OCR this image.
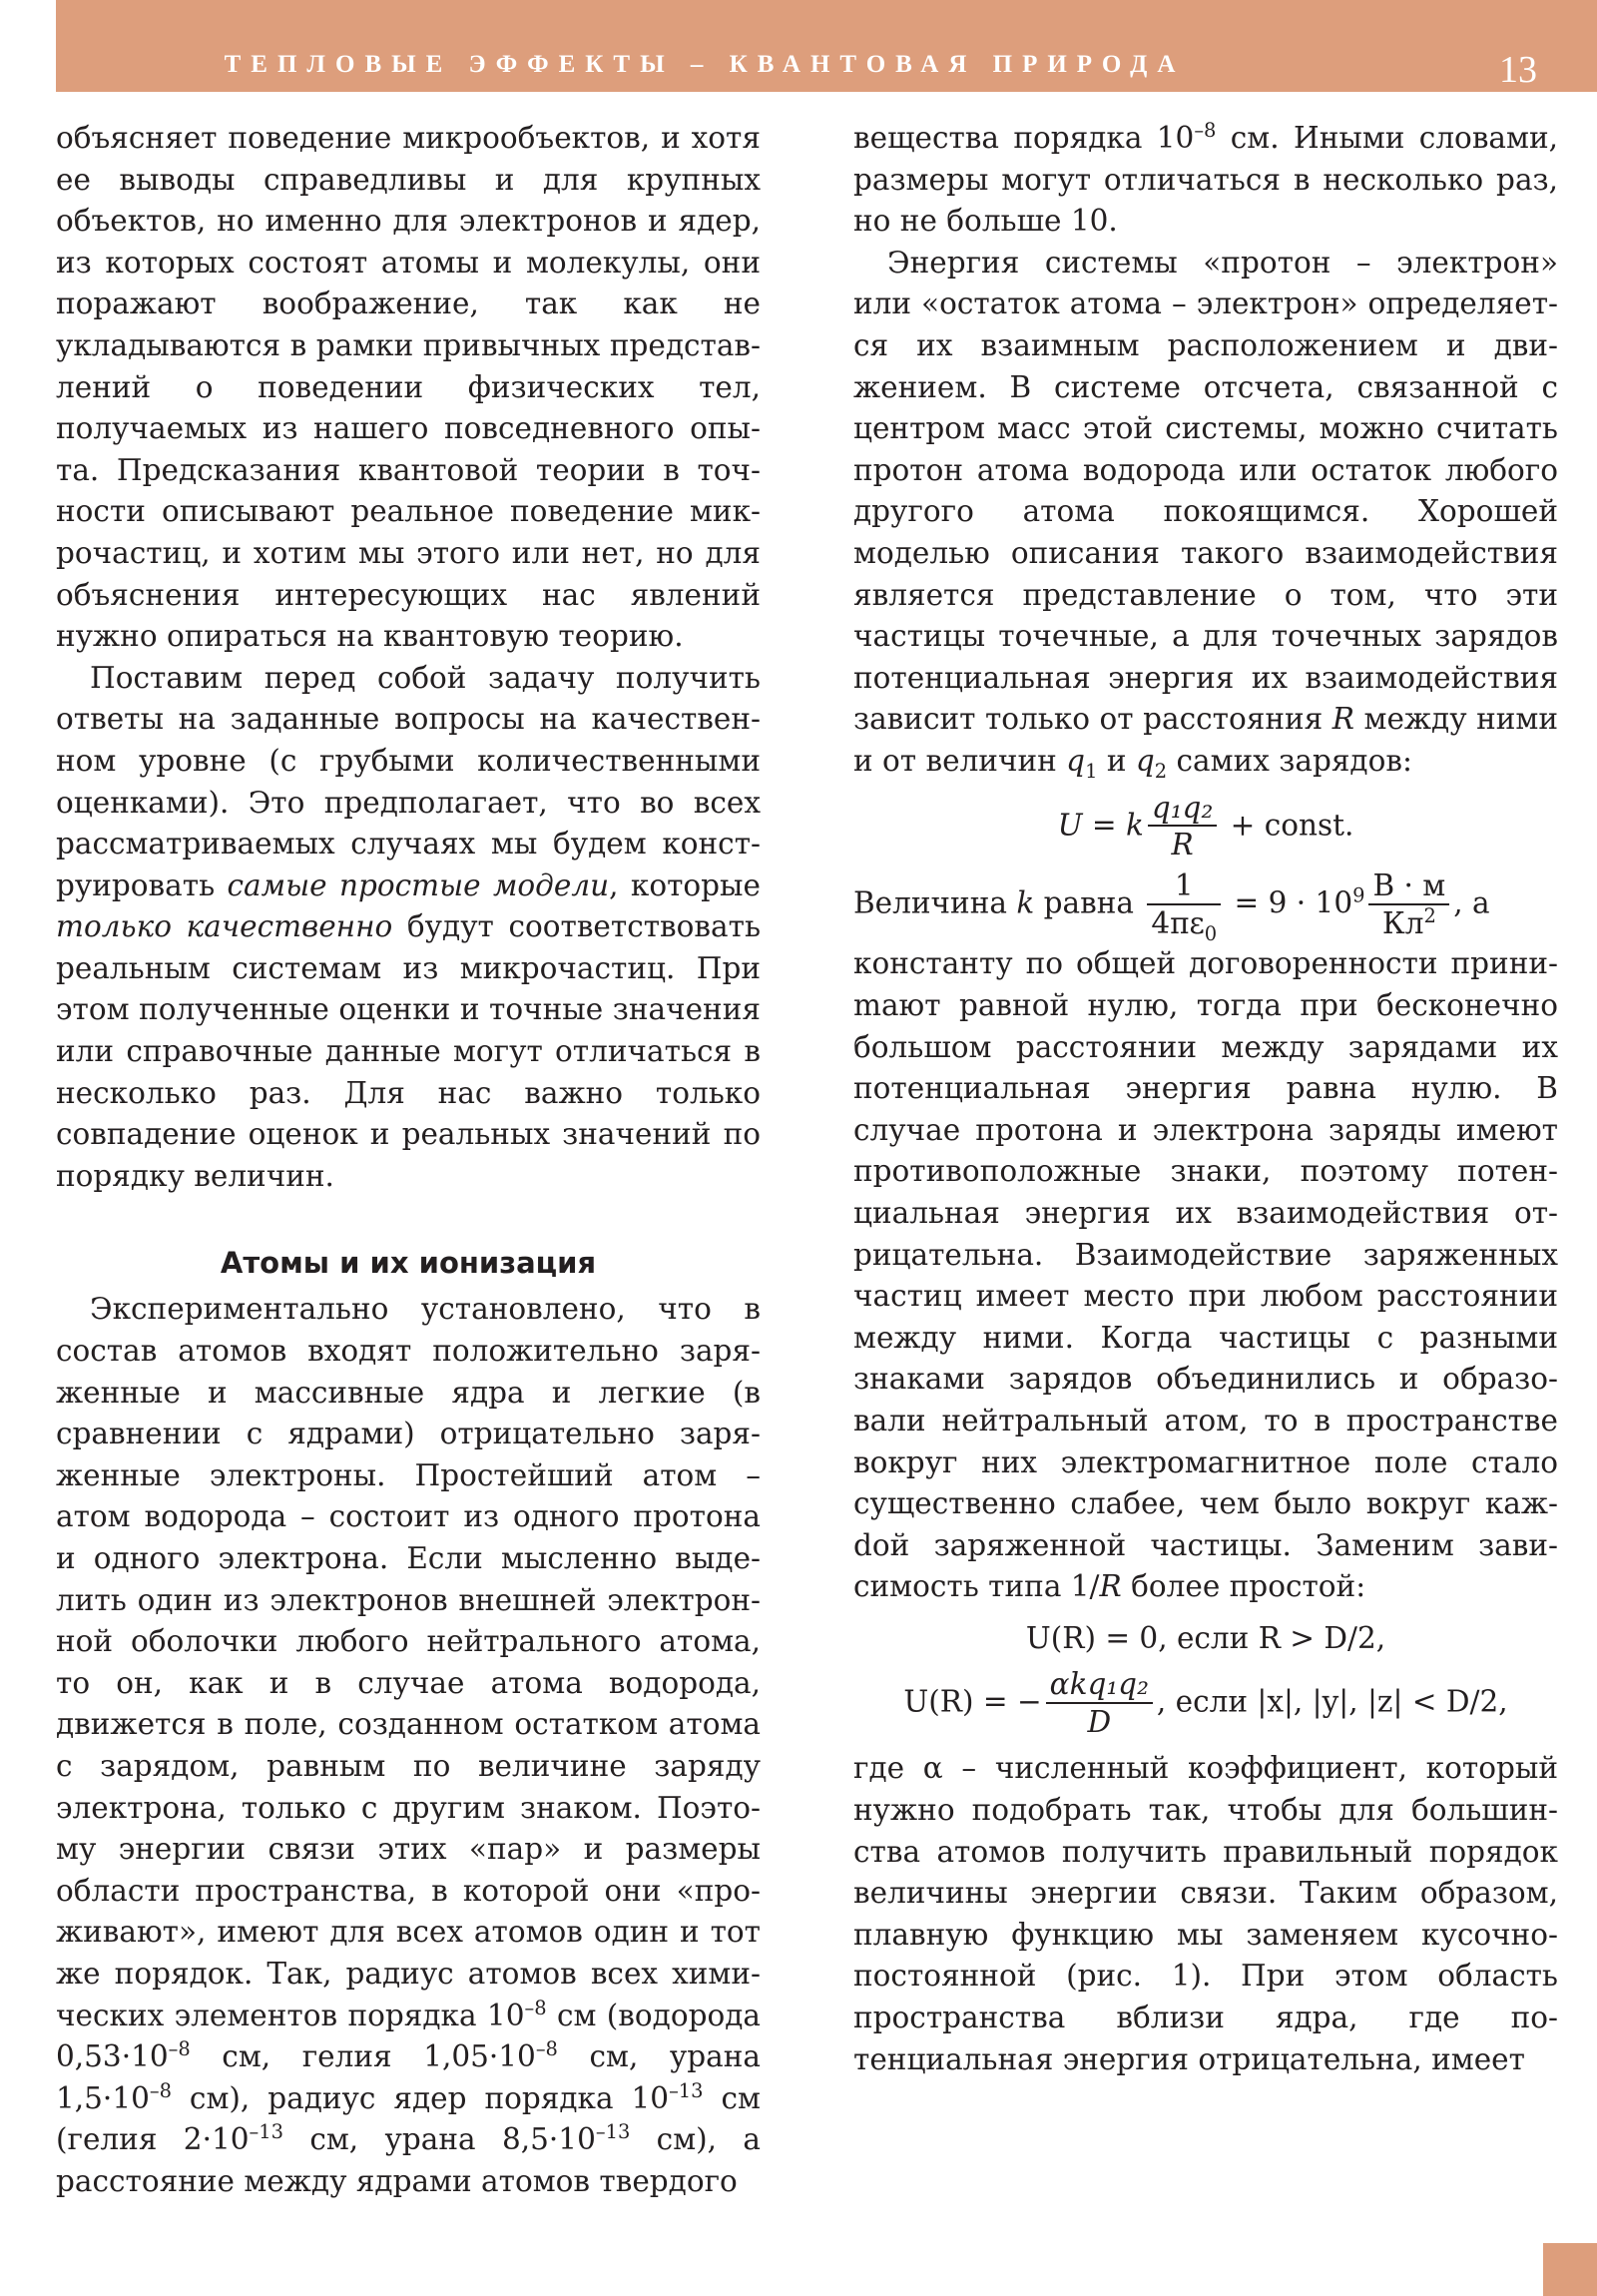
ТЕПЛОВЫЕ ЭФФЕКТЫ – КВАНТОВАЯ ПРИРОДА	13

объясняет поведение микрообъектов, и хотя ее выводы справедливы и для крупных объектов, но именно для электронов и ядер, из которых состоят атомы и молекулы, они поражают воображение, так как не укладываются в рамки привычных представлений о поведении физических тел, получаемых из нашего повседневного опыта. Предсказания квантовой теории в точности описывают реальное поведение микрочастиц, и хотим мы этого или нет, но для объяснения интересующих нас явлений нужно опираться на квантовую теорию.

Поставим перед собой задачу получить ответы на заданные вопросы на качественном уровне (с грубыми количественными оценками). Это предполагает, что во всех рассматриваемых случаях мы будем конструировать самые простые модели, которые только качественно будут соответствовать реальным системам из микрочастиц. При этом полученные оценки и точные значения или справочные данные могут отличаться в несколько раз. Для нас важно только совпадение оценок и реальных значений по порядку величин.

Атомы и их ионизация

Экспериментально установлено, что в состав атомов входят положительно заряженные и массивные ядра и легкие (в сравнении с ядрами) отрицательно заряженные электроны. Простейший атом – атом водорода – состоит из одного протона и одного электрона. Если мысленно выделить один из электронов внешней электронной оболочки любого нейтрального атома, то он, как и в случае атома водорода, движется в поле, созданном остатком атома с зарядом, равным по величине заряду электрона, только с другим знаком. Поэтому энергии связи этих «пар» и размеры области пространства, в которой они «проживают», имеют для всех атомов один и тот же порядок. Так, радиус атомов всех химических элементов порядка $10^{-8}$ см (водорода $0,53\cdot 10^{-8}$ см, гелия $1,05\cdot 10^{-8}$ см, урана $1,5\cdot 10^{-8}$ см), радиус ядер порядка $10^{-13}$ см (гелия $2\cdot 10^{-13}$ см, урана $8,5\cdot 10^{-13}$ см), а расстояние между ядрами атомов твердого

вещества порядка $10^{-8}$ см. Иными словами, размеры могут отличаться в несколько раз, но не больше 10.

Энергия системы «протон – электрон» или «остаток атома – электрон» определяется их взаимным расположением и движением. В системе отсчета, связанной с центром масс этой системы, можно считать протон атома водорода или остаток любого другого атома покоящимся. Хорошей моделью описания такого взаимодействия является представление о том, что эти частицы точечные, а для точечных зарядов потенциальная энергия их взаимодействия зависит только от расстояния R между ними и от величин $q_1$ и $q_2$ самих зарядов:

U = k $\frac{\text{q₁q₂}}{R}$ + const.
Величина k равна $\frac{1}{4\pi\varepsilon_0} = 9 \cdot 10^9 \frac{В \cdot м}{Кл^2}$ , а

константу по общей договоренности приниmают равной нулю, тогда при бесконечно большом расстоянии между зарядами их потенциальная энергия равна нулю. В случае протона и электрона заряды имеют противоположные знаки, поэтому потенциальная энергия их взаимодействия отрицательна. Взаимодействие заряженных частиц имеет место при любом расстоянии между ними. Когда частицы с разными знаками зарядов объединились и образовали нейтральный атом, то в пространстве вокруг них электромагнитное поле стало существенно слабее, чем было вокруг кажdой заряженной частицы. Заменим зависимость типа 1/R более простой:

U(R) = 0, если R > D/2,
U(R) = − $\frac{\text{αkq₁q₂}}{D}$ , если |x|, |y|, |z| < D/2,

где α – численный коэффициент, который нужно подобрать так, чтобы для большинства атомов получить правильный порядок величины энергии связи. Таким образом, плавную функцию мы заменяем кусочно-постоянной (рис. 1). При этом область пространства вблизи ядра, где потенциальная энергия отрицательна, имеет
